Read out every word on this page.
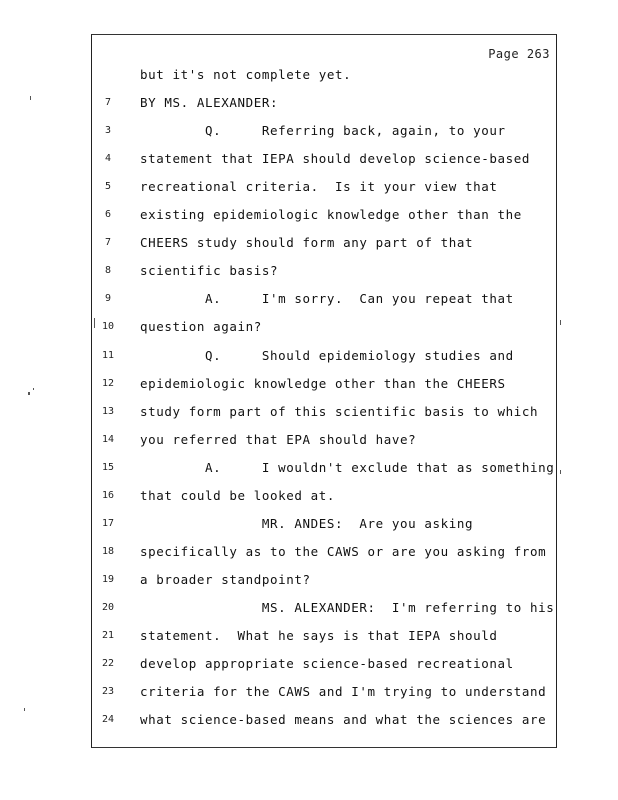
Page 263
but it's not complete yet.
7	BY MS. ALEXANDER:
3	Q.     Referring back, again, to your
4	statement that IEPA should develop science-based
5	recreational criteria.  Is it your view that
6	existing epidemiologic knowledge other than the
7	CHEERS study should form any part of that
8	scientific basis?
9	A.     I'm sorry.  Can you repeat that
10 question again?
11 Q.     Should epidemiology studies and
12 epidemiologic knowledge other than the CHEERS
13 study form part of this scientific basis to which
14 you referred that EPA should have?
15 A.     I wouldn't exclude that as something
16 that could be looked at.
17 MR. ANDES:  Are you asking
18 specifically as to the CAWS or are you asking from
19 a broader standpoint?
20 MS. ALEXANDER:  I'm referring to his
21 statement.  What he says is that IEPA should
22 develop appropriate science-based recreational
23 criteria for the CAWS and I'm trying to understand
24 what science-based means and what the sciences are
